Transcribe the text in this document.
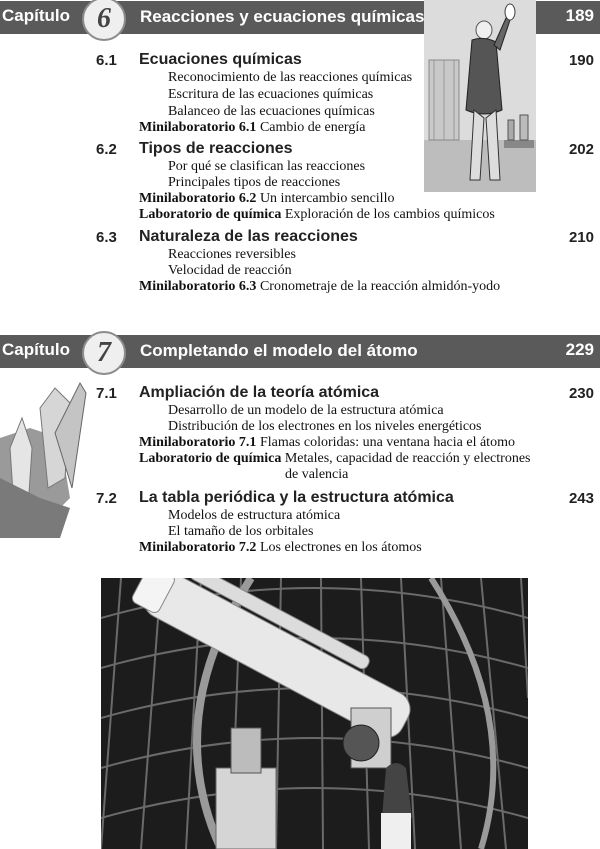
Capítulo	Reacciones y ecuaciones químicas	189
6
6.1 Ecuaciones químicas	190
Reconocimiento de las reacciones químicas
Escritura de las ecuaciones químicas
Balanceo de las ecuaciones químicas
Minilaboratorio 6.1 Cambio de energía
6.2 Tipos de reacciones	202
Por qué se clasifican las reacciones
Principales tipos de reacciones
Minilaboratorio 6.2 Un intercambio sencillo
Laboratorio de química Exploración de los cambios químicos
6.3 Naturaleza de las reacciones	210
Reacciones reversibles
Velocidad de reacción
Minilaboratorio 6.3 Cronometraje de la reacción almidón-yodo
Capítulo 7	Completando el modelo del átomo	229
7.1 Ampliación de la teoría atómica	230
Desarrollo de un modelo de la estructura atómica
Distribución de los electrones en los niveles energéticos
Minilaboratorio 7.1 Flamas coloridas: una ventana hacia el átomo
Laboratorio de química Metales, capacidad de reacción y electrones
de valencia
7.2 La tabla periódica y la estructura atómica	243
Modelos de estructura atómica
El tamaño de los orbitales
Minilaboratorio 7.2 Los electrones en los átomos
